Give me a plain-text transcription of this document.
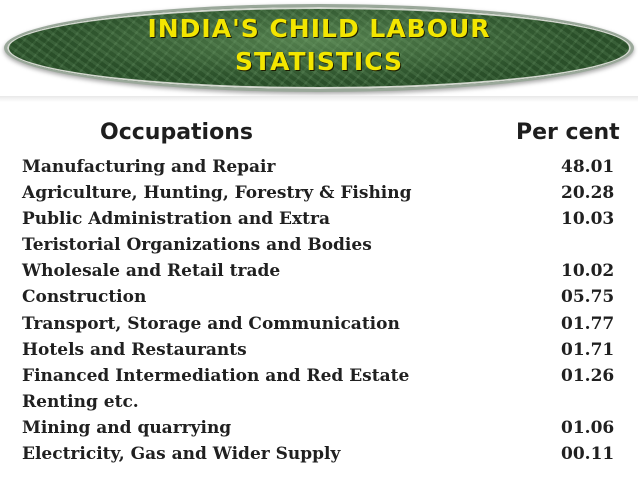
INDIA'S CHILD LABOUR
STATISTICS
Occupations	Per cent
Manufacturing and Repair	48.01
Agriculture, Hunting, Forestry & Fishing	20.28
Public Administration and Extra	10.03
Teristorial Organizations and Bodies
Wholesale and Retail trade	10.02
Construction	05.75
Transport, Storage and Communication	01.77
Hotels and Restaurants	01.71
Financed Intermediation and Red Estate	01.26
Renting etc.
Mining and quarrying	01.06
Electricity, Gas and Wider Supply	00.11
